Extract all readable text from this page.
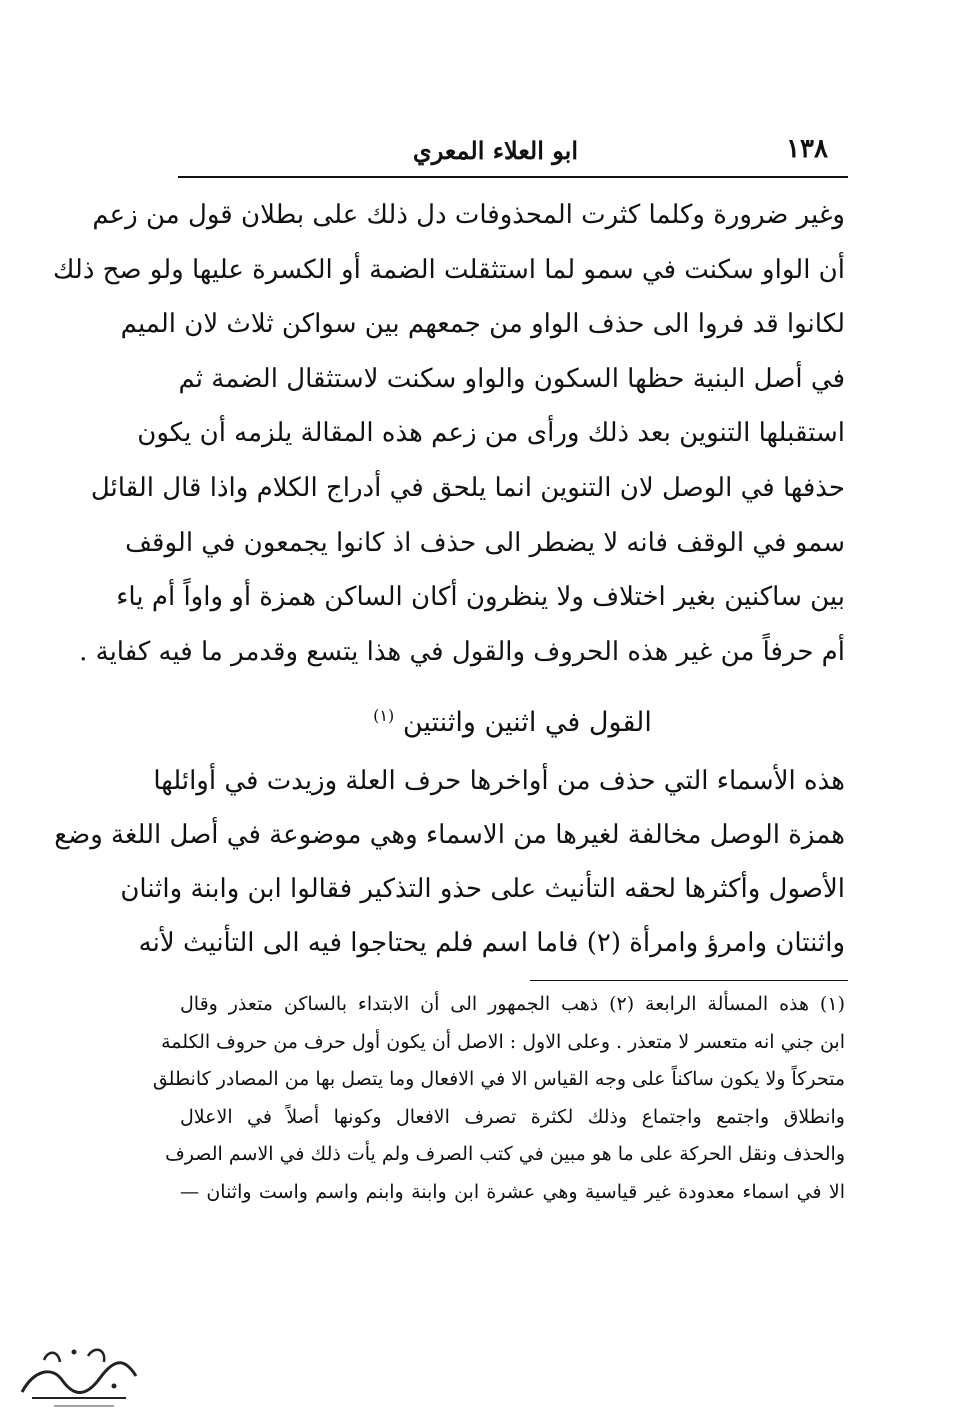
١٣٨
ابو العلاء المعري
وغير ضرورة وكلما كثرت المحذوفات دل ذلك على بطلان قول من زعم
أن الواو سكنت في سمو لما استثقلت الضمة أو الكسرة عليها ولو صح ذلك
لكانوا قد فروا الى حذف الواو من جمعهم بين سواكن ثلاث لان الميم
في أصل البنية حظها السكون والواو سكنت لاستثقال الضمة ثم
استقبلها التنوين بعد ذلك ورأى من زعم هذه المقالة يلزمه أن يكون
حذفها في الوصل لان التنوين انما يلحق في أدراج الكلام واذا قال القائل
سمو في الوقف فانه لا يضطر الى حذف اذ كانوا يجمعون في الوقف
بين ساكنين بغير اختلاف ولا ينظرون أكان الساكن همزة أو واواً أم ياء
أم حرفاً من غير هذه الحروف والقول في هذا يتسع وقدمر ما فيه كفاية .
القول في اثنين واثنتين $^{(١)}$
هذه الأسماء التي حذف من أواخرها حرف العلة وزيدت في أوائلها
همزة الوصل مخالفة لغيرها من الاسماء وهي موضوعة في أصل اللغة وضع
الأصول وأكثرها لحقه التأنيث على حذو التذكير فقالوا ابن وابنة واثنان
واثنتان وامرؤ وامرأة (٢) فاما اسم فلم يحتاجوا فيه الى التأنيث لأنه
(١) هذه المسألة الرابعة (٢) ذهب الجمهور الى أن الابتداء بالساكن متعذر وقال
ابن جني انه متعسر لا متعذر . وعلى الاول : الاصل أن يكون أول حرف من حروف الكلمة
متحركاً ولا يكون ساكناً على وجه القياس الا في الافعال وما يتصل بها من المصادر كانطلق
وانطلاق واجتمع واجتماع وذلك لكثرة تصرف الافعال وكونها أصلاً في الاعلال
والحذف ونقل الحركة على ما هو مبين في كتب الصرف ولم يأت ذلك في الاسم الصرف
الا في اسماء معدودة غير قياسية وهي عشرة ابن وابنة وابنم واسم واست واثنان —
